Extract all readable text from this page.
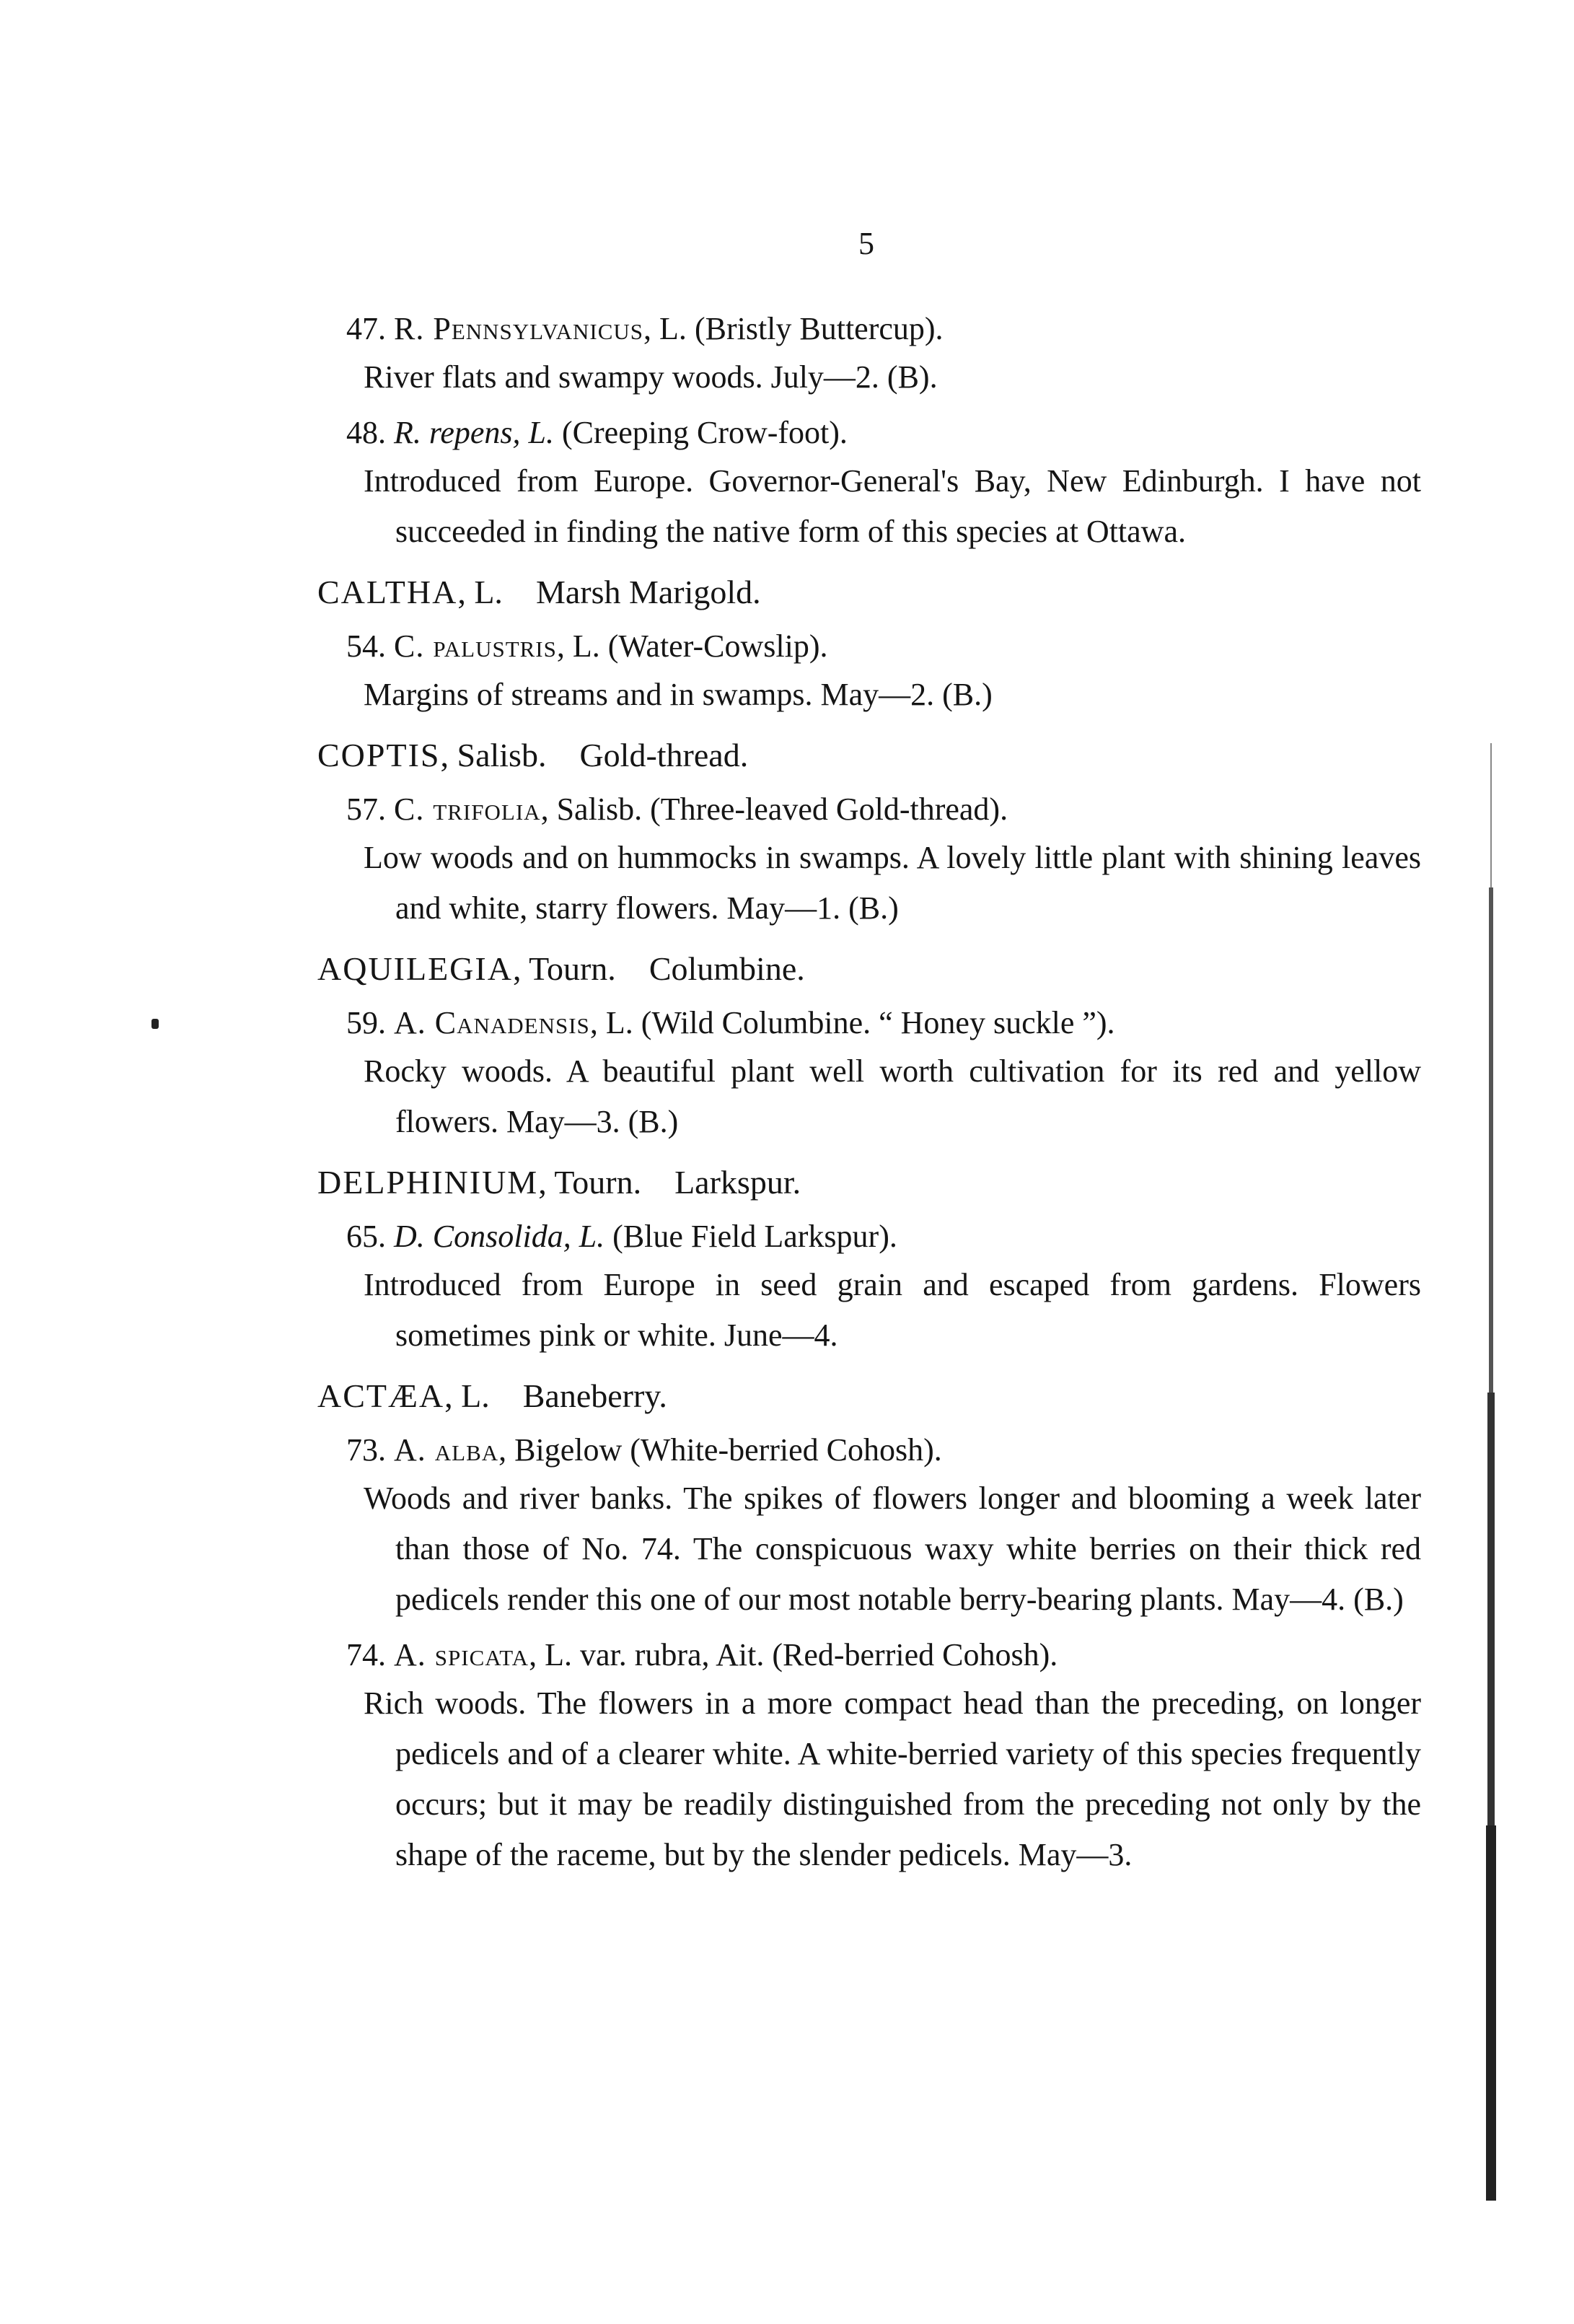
5
47. R. Pennsylvanicus, L. (Bristly Buttercup).
River flats and swampy woods. July—2. (B).
48. R. repens, L. (Creeping Crow-foot).
Introduced from Europe. Governor-General's Bay, New Edinburgh. I have not succeeded in finding the native form of this species at Ottawa.
CALTHA, L.  Marsh Marigold.
54. C. palustris, L. (Water-Cowslip).
Margins of streams and in swamps. May—2. (B.)
COPTIS, Salisb.  Gold-thread.
57. C. trifolia, Salisb. (Three-leaved Gold-thread).
Low woods and on hummocks in swamps. A lovely little plant with shining leaves and white, starry flowers. May—1. (B.)
AQUILEGIA, Tourn.  Columbine.
59. A. Canadensis, L. (Wild Columbine. “ Honey suckle ”).
Rocky woods. A beautiful plant well worth cultivation for its red and yellow flowers. May—3. (B.)
DELPHINIUM, Tourn.  Larkspur.
65. D. Consolida, L. (Blue Field Larkspur).
Introduced from Europe in seed grain and escaped from gardens. Flowers sometimes pink or white. June—4.
ACTÆA, L.  Baneberry.
73. A. alba, Bigelow (White-berried Cohosh).
Woods and river banks. The spikes of flowers longer and blooming a week later than those of No. 74. The conspicuous waxy white berries on their thick red pedicels render this one of our most notable berry-bearing plants. May—4. (B.)
74. A. spicata, L. var. rubra, Ait. (Red-berried Cohosh).
Rich woods. The flowers in a more compact head than the preceding, on longer pedicels and of a clearer white. A white-berried variety of this species frequently occurs; but it may be readily distinguished from the preceding not only by the shape of the raceme, but by the slender pedicels. May—3.
